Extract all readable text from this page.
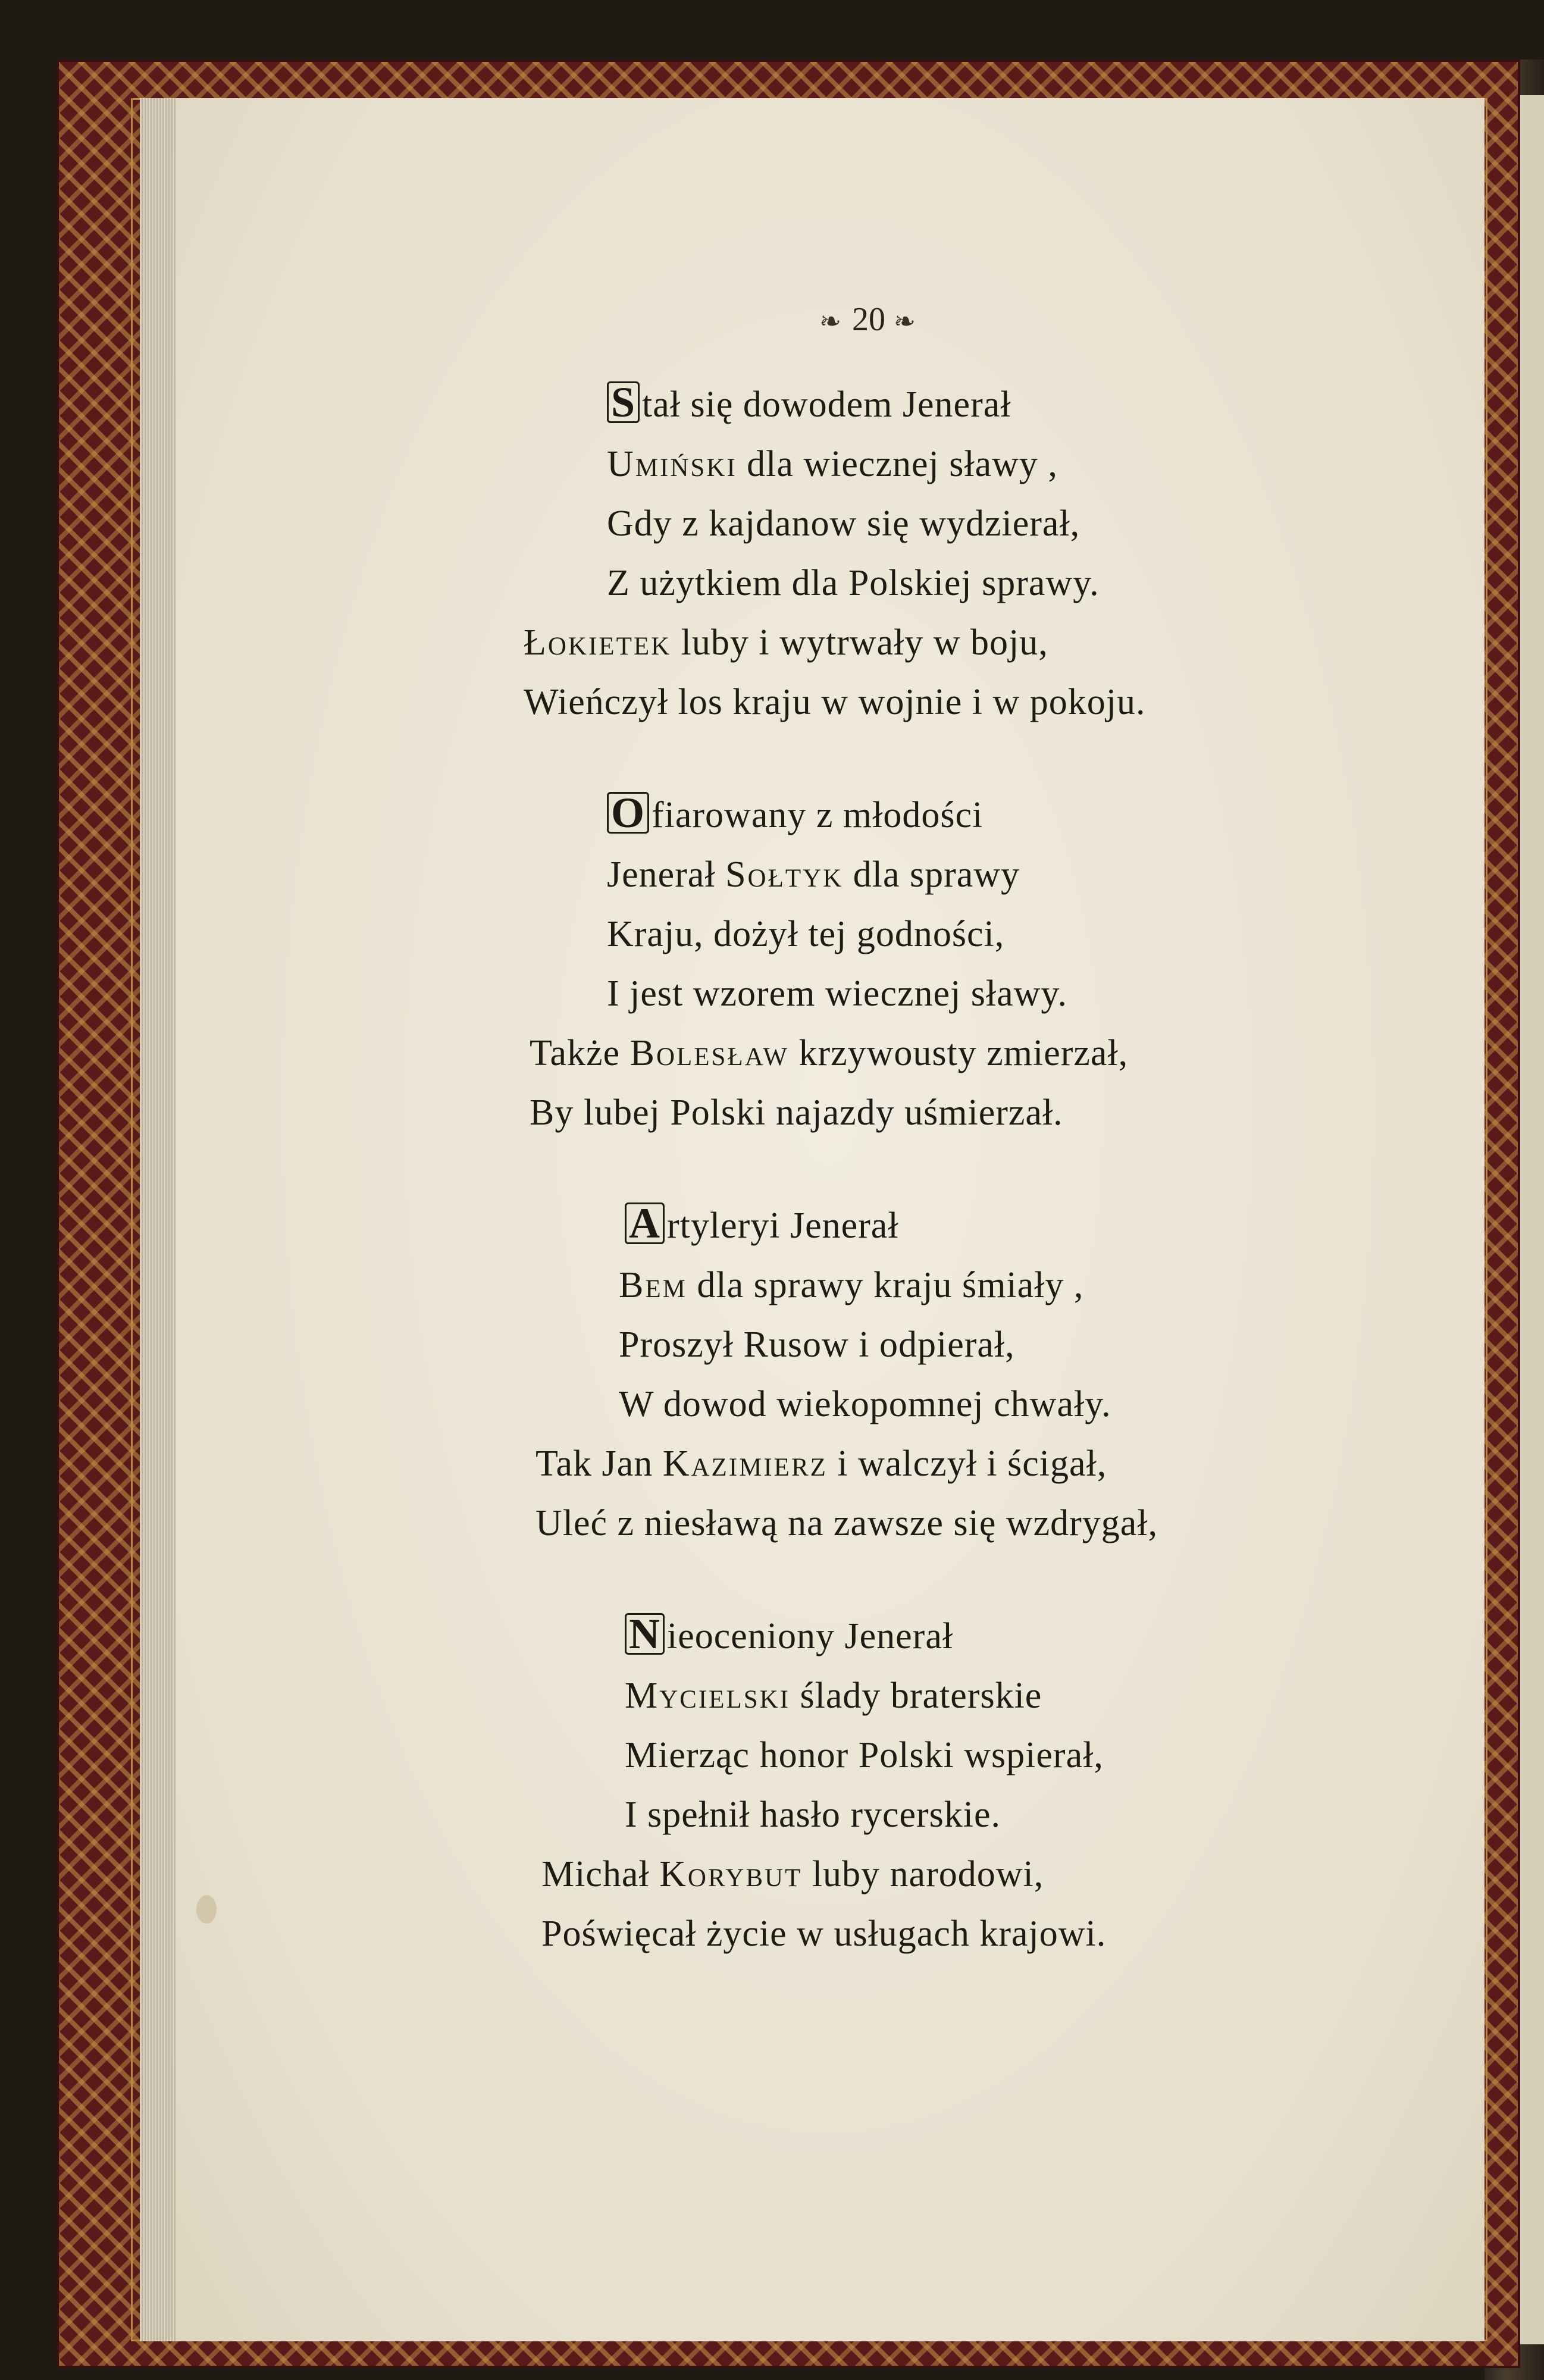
❧ 20 ❧
S tał się dowodem Jenerał
Umiński dla wiecznej sławy ,
Gdy z kajdanow się wydzierał,
Z użytkiem dla Polskiej sprawy.
Łokietek luby i wytrwały w boju,
Wieńczył los kraju w wojnie i w pokoju.
O fiarowany z młodości
Jenerał Sołtyk dla sprawy
Kraju, dożył tej godności,
I jest wzorem wiecznej sławy.
Także Bolesław krzywousty zmierzał,
By lubej Polski najazdy uśmierzał.
A rtyleryi Jenerał
Bem dla sprawy kraju śmiały ,
Proszył Rusow i odpierał,
W dowod wiekopomnej chwały.
Tak Jan Kazimierz i walczył i ścigał,
Uleć z niesławą na zawsze się wzdrygał,
N ieoceniony Jenerał
Mycielski ślady braterskie
Mierząc honor Polski wspierał,
I spełnił hasło rycerskie.
Michał Korybut luby narodowi,
Poświęcał życie w usługach krajowi.
